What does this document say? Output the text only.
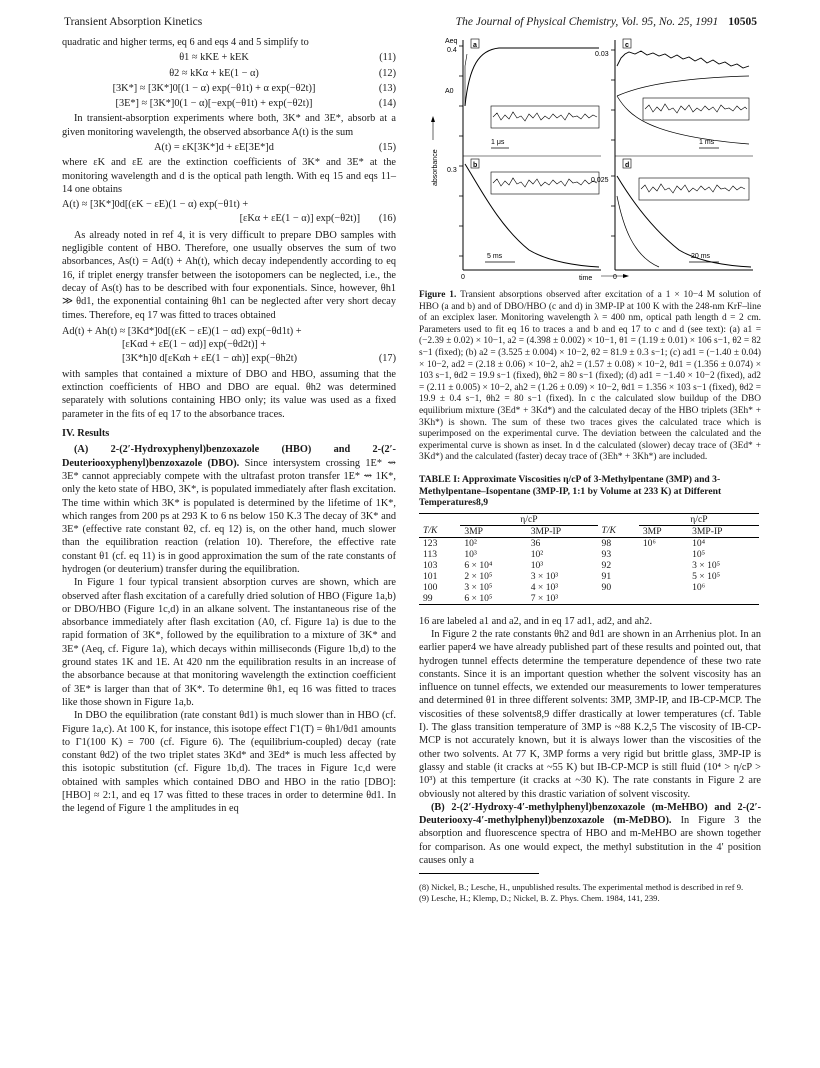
Transient Absorption Kinetics	The Journal of Physical Chemistry, Vol. 95, No. 25, 1991 10505

quadratic and higher terms, eq 6 and eqs 4 and 5 simplify to

θ1 ≈ kKE + kEK	(11)
θ2 ≈ kKα + kE(1 − α)	(12)
[3K*] ≈ [3K*]0[(1 − α) exp(−θ1t) + α exp(−θ2t)]	(13)
[3E*] ≈ [3K*]0(1 − α)[−exp(−θ1t) + exp(−θ2t)]	(14)

In transient-absorption experiments where both, 3K* and 3E*, absorb at a given monitoring wavelength, the observed absorbance A(t) is the sum

A(t) = εK[3K*]d + εE[3E*]d	(15)

where εK and εE are the extinction coefficients of 3K* and 3E* at the monitoring wavelength and d is the optical path length. With eq 15 and eqs 11–14 one obtains

A(t) ≈ [3K*]0d[(εK − εE)(1 − α) exp(−θ1t) +
[εKα + εE(1 − α)] exp(−θ2t)]	(16)

As already noted in ref 4, it is very difficult to prepare DBO samples with negligible content of HBO. Therefore, one usually observes the sum of two absorbances, As(t) = Ad(t) + Ah(t), which decay independently according to eq 16, if triplet energy transfer between the isotopomers can be neglected, i.e., the decay of As(t) has to be described with four exponentials. Since, however, θh1 ≫ θd1, the exponential containing θh1 can be neglected after very short decay times. Therefore, eq 17 was fitted to traces obtained

Ad(t) + Ah(t) ≈ [3Kd*]0d[(εK − εE)(1 − αd) exp(−θd1t) +
[εKαd + εE(1 − αd)] exp(−θd2t)] +
[3K*h]0 d[εKαh + εE(1 − αh)] exp(−θh2t)	(17)

with samples that contained a mixture of DBO and HBO, assuming that the extinction coefficients of HBO and DBO are equal. θh2 was determined separately with solutions containing HBO only; its value was used as a fixed parameter in the fits of eq 17 to the absorbance traces.

IV. Results

(A) 2-(2′-Hydroxyphenyl)benzoxazole (HBO) and 2-(2′-Deuteriooxyphenyl)benzoxazole (DBO). Since intersystem crossing 1E* ⇝ 3E* cannot appreciably compete with the ultrafast proton transfer 1E* ⇝ 1K*, only the keto state of HBO, 3K*, is populated immediately after flash excitation. The time within which 3K* is populated is determined by the lifetime of 1K*, which ranges from 200 ps at 293 K to 6 ns below 150 K.3 The decay of 3K* and 3E* (effective rate constant θ2, cf. eq 12) is, on the other hand, much slower than the equilibration reaction (relation 10). Therefore, the effective rate constant θ1 (cf. eq 11) is in good approximation the sum of the rate constants of hydrogen (or deuterium) transfer during the equilibration.

In Figure 1 four typical transient absorption curves are shown, which are observed after flash excitation of a carefully dried solution of HBO (Figure 1a,b) or DBO/HBO (Figure 1c,d) in an alkane solvent. The instantaneous rise of the absorbance immediately after flash excitation (A0, cf. Figure 1a) is due to the rapid formation of 3K*, followed by the equilibration to a mixture of 3K* and 3E* (Aeq, cf. Figure 1a), which decays within milliseconds (Figure 1b,d) to the ground states 1K and 1E. At 420 nm the equilibration results in an increase of the absorbance because at that monitoring wavelength the extinction coefficient of 3E* is larger than that of 3K*. To determine θh1, eq 16 was fitted to traces like those shown in Figure 1a,b.

In DBO the equilibration (rate constant θd1) is much slower than in HBO (cf. Figure 1a,c). At 100 K, for instance, this isotope effect Γ1(T) = θh1/θd1 amounts to Γ1(100 K) = 700 (cf. Figure 6). The (equilibrium-coupled) decay (rate constant θd2) of the two triplet states 3Kd* and 3Ed* is much less affected by this isotopic substitution (cf. Figure 1b,d). The traces in Figure 1c,d were obtained with samples which contained DBO and HBO in the ratio [DBO]:[HBO] ≈ 2:1, and eq 17 was fitted to these traces in order to determine θd1. In the legend of Figure 1 the amplitudes in eq

a
b
c
d
Aeq
A0
0.4
0.3
0.03
0.025
1 μs
5 ms
1 ms
20 ms
0	0
time
absorbance

Figure 1. Transient absorptions observed after excitation of a 1 × 10−4 M solution of HBO (a and b) and of DBO/HBO (c and d) in 3MP-IP at 100 K with the 248-nm KrF–line of an exciplex laser. Monitoring wavelength λ = 400 nm, optical path length d = 2 cm. Parameters used to fit eq 16 to traces a and b and eq 17 to c and d (see text): (a) a1 = (−2.39 ± 0.02) × 10−1, a2 = (4.398 ± 0.002) × 10−1, θ1 = (1.19 ± 0.01) × 106 s−1, θ2 = 82 s−1 (fixed); (b) a2 = (3.525 ± 0.004) × 10−2, θ2 = 81.9 ± 0.3 s−1; (c) ad1 = (−1.40 ± 0.04) × 10−2, ad2 = (2.18 ± 0.06) × 10−2, ah2 = (1.57 ± 0.08) × 10−2, θd1 = (1.356 ± 0.074) × 103 s−1, θd2 = 19.9 s−1 (fixed), θh2 = 80 s−1 (fixed); (d) ad1 = −1.40 × 10−2 (fixed), ad2 = (2.11 ± 0.005) × 10−2, ah2 = (1.26 ± 0.09) × 10−2, θd1 = 1.356 × 103 s−1 (fixed), θd2 = 19.9 ± 0.4 s−1, θh2 = 80 s−1 (fixed). In c the calculated slow buildup of the DBO equilibrium mixture (3Ed* + 3Kd*) and the calculated decay of the HBO triplets (3Eh* + 3Kh*) is shown. The sum of these two traces gives the calculated trace which is superimposed on the experimental curve. The deviation between the calculated and the experimental curve is shown as inset. In d the calculated (slower) decay trace of (3Ed* + 3Kd*) and the calculated (faster) decay trace of (3Eh* + 3Kh*) are included.

TABLE I: Approximate Viscosities η/cP of 3-Methylpentane (3MP) and 3-Methylpentane–Isopentane (3MP-IP, 1:1 by Volume at 233 K) at Different Temperatures8,9
	η/cP			η/cP	
T/K	3MP	3MP-IP	T/K	3MP	3MP-IP
123	10²	36	98	10⁶	10⁴
113	10³	10²	93		10⁵
103	6 × 10⁴	10³	92		3 × 10⁵
101	2 × 10⁵	3 × 10³	91		5 × 10⁵
100	3 × 10⁵	4 × 10³	90		10⁶
99	6 × 10⁵	7 × 10³			

16 are labeled a1 and a2, and in eq 17 ad1, ad2, and ah2.

In Figure 2 the rate constants θh2 and θd1 are shown in an Arrhenius plot. In an earlier paper4 we have already published part of these results and pointed out, that hydrogen tunnel effects determine the temperature dependence of these two rate constants. Since it is an important question whether the solvent viscosity has an influence on tunnel effects, we extended our measurements to lower temperatures and determined θ1 in three different solvents: 3MP, 3MP-IP, and IB-CP-MCP. The viscosities of these solvents8,9 differ drastically at lower temperatures (cf. Table I). The glass transition temperature of 3MP is ~88 K.2,5 The viscosity of IB-CP-MCP is not accurately known, but it is always lower than the viscosities of the other two solvents. At 77 K, 3MP forms a very rigid but brittle glass, 3MP-IP is glassy and stable (it cracks at ~55 K) but IB-CP-MCP is still fluid (10⁴ > η/cP > 10³) at this temperture (it cracks at ~30 K). The rate constants in Figure 2 are obviously not altered by this drastic variation of solvent viscosity.

(B) 2-(2′-Hydroxy-4′-methylphenyl)benzoxazole (m-MeHBO) and 2-(2′-Deuteriooxy-4′-methylphenyl)benzoxazole (m-MeDBO). In Figure 3 the absorption and fluorescence spectra of HBO and m-MeHBO are shown together for comparison. As one would expect, the methyl substitution in the 4′ position causes only a

(8) Nickel, B.; Lesche, H., unpublished results. The experimental method is described in ref 9.

(9) Lesche, H.; Klemp, D.; Nickel, B. Z. Phys. Chem. 1984, 141, 239.
